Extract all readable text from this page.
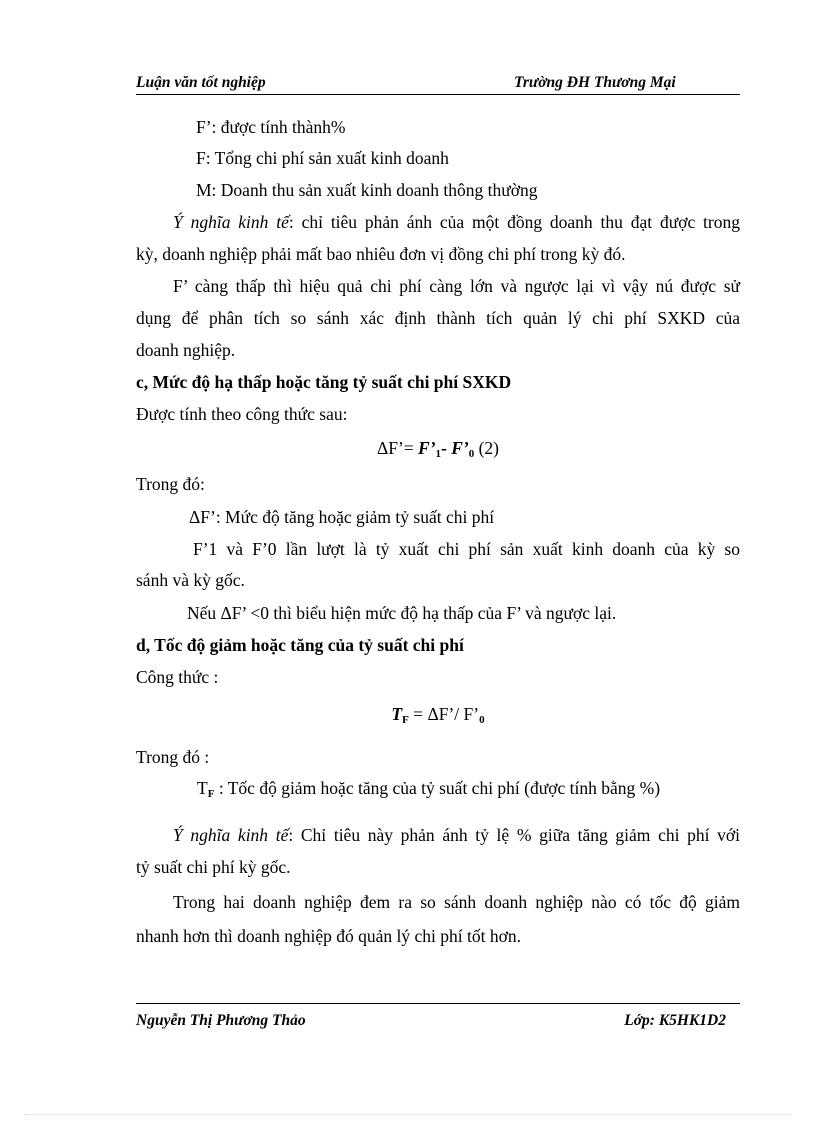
Luận văn tốt nghiệp	Trường ĐH Thương Mại
F’: được tính thành%
F: Tổng chi phí sản xuất kinh doanh
M: Doanh thu sản xuất kinh doanh thông thường
Ý nghĩa kinh tế: chỉ tiêu phản ánh của một đồng doanh thu đạt được trong
kỳ, doanh nghiệp phải mất bao nhiêu đơn vị đồng chi phí trong kỳ đó.
F’ càng thấp thì hiệu quả chi phí càng lớn và ngược lại vì vậy nú được sử
dụng để phân tích so sánh xác định thành tích quản lý chi phí SXKD của
doanh nghiệp.
c, Mức độ hạ thấp hoặc tăng tỷ suất chi phí SXKD
Được tính theo công thức sau:
ΔF’= $F’_1-$ $F’_0$ (2)
Trong đó:
ΔF’: Mức độ tăng hoặc giảm tỷ suất chi phí
F’1 và F’0 lần lượt là tỷ xuất chi phí sản xuất kinh doanh của kỳ so
sánh và kỳ gốc.
Nếu ΔF’ <0 thì biểu hiện mức độ hạ thấp của F’ và ngược lại.
d, Tốc độ giảm hoặc tăng của tỷ suất chi phí
Công thức :
$T_F$ = ΔF’/ $F’_0$
Trong đó :
$T_F$ : Tốc độ giảm hoặc tăng của tỷ suất chi phí (được tính bằng %)
Ý nghĩa kinh tế: Chỉ tiêu này phản ánh tỷ lệ % giữa tăng giảm chi phí với
tỷ suất chi phí kỳ gốc.
Trong hai doanh nghiệp đem ra so sánh doanh nghiệp nào có tốc độ giảm
nhanh hơn thì doanh nghiệp đó quản lý chi phí tốt hơn.
Nguyễn Thị Phương Thảo	Lớp: K5HK1D2
